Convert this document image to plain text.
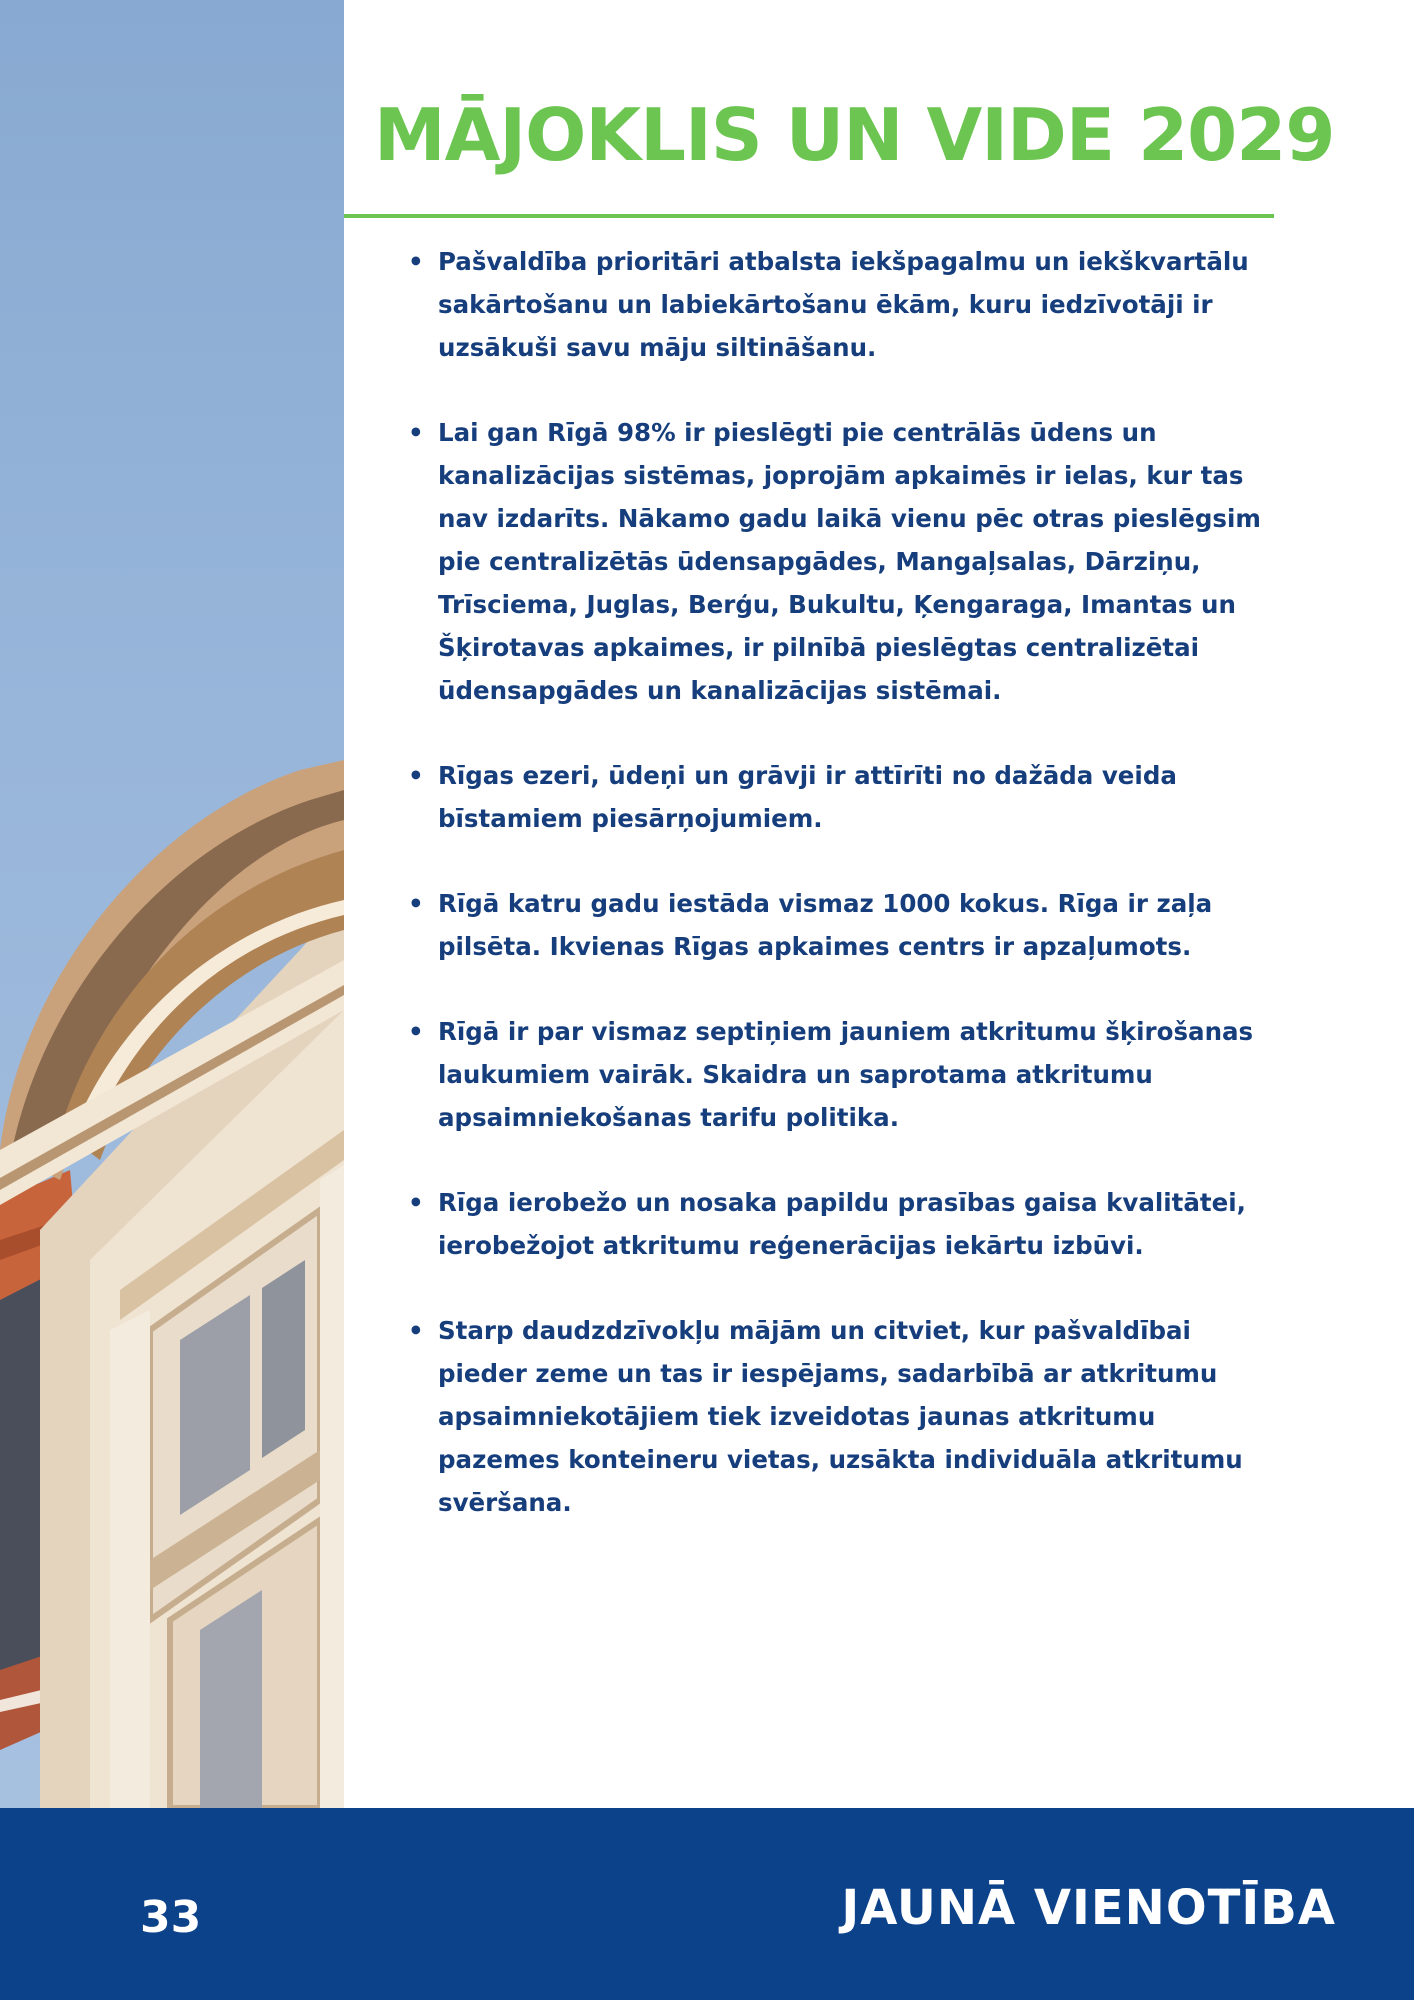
MĀJOKLIS UN VIDE 2029
• Pašvaldība prioritāri atbalsta iekšpagalmu un iekškvartālu sakārtošanu un labiekārtošanu ēkām, kuru iedzīvotāji ir uzsākuši savu māju siltināšanu.
• Lai gan Rīgā 98% ir pieslēgti pie centrālās ūdens un kanalizācijas sistēmas, joprojām apkaimēs ir ielas, kur tas nav izdarīts. Nākamo gadu laikā vienu pēc otras pieslēgsim pie centralizētās ūdensapgādes, Mangaļsalas, Dārziņu, Trīsciema, Juglas, Berģu, Bukultu, Ķengaraga, Imantas un Šķirotavas apkaimes, ir pilnībā pieslēgtas centralizētai ūdensapgādes un kanalizācijas sistēmai.
• Rīgas ezeri, ūdeņi un grāvji ir attīrīti no dažāda veida bīstamiem piesārņojumiem.
• Rīgā katru gadu iestāda vismaz 1000 kokus. Rīga ir zaļa pilsēta. Ikvienas Rīgas apkaimes centrs ir apzaļumots.
• Rīgā ir par vismaz septiņiem jauniem atkritumu šķirošanas laukumiem vairāk. Skaidra un saprotama atkritumu apsaimniekošanas tarifu politika.
• Rīga ierobežo un nosaka papildu prasības gaisa kvalitātei, ierobežojot atkritumu reģenerācijas iekārtu izbūvi.
• Starp daudzdzīvokļu mājām un citviet, kur pašvaldībai pieder zeme un tas ir iespējams, sadarbībā ar atkritumu apsaimniekotājiem tiek izveidotas jaunas atkritumu pazemes konteineru vietas, uzsākta individuāla atkritumu svēršana.
33	JAUNĀ VIENOTĪBA
